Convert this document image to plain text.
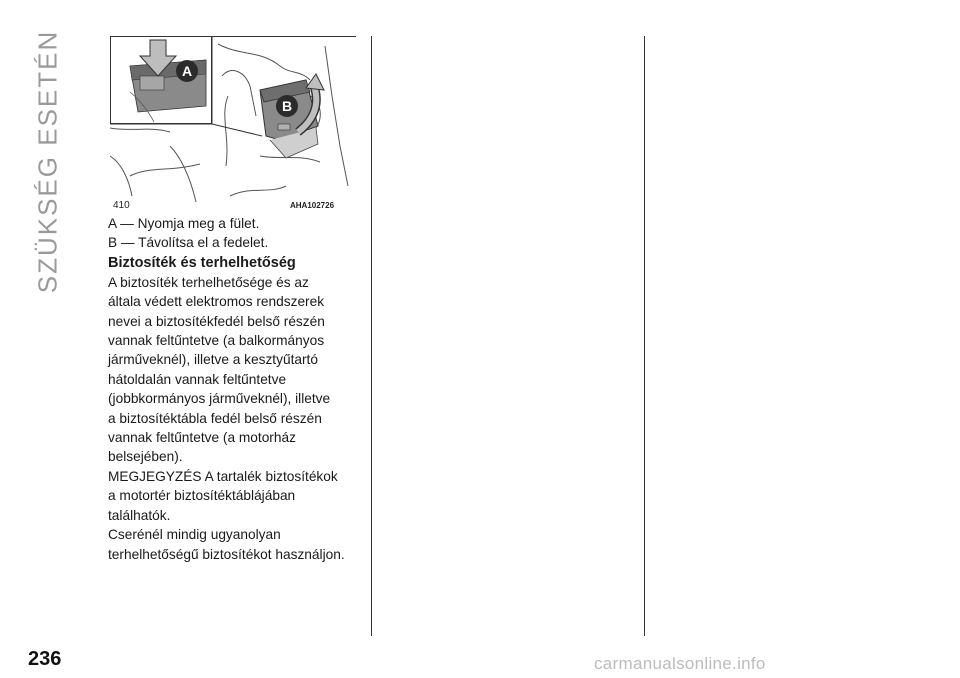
SZÜKSÉG ESETÉN	B
A
410	AHA102726

A — Nyomja meg a fület.

B — Távolítsa el a fedelet.

Biztosíték és terhelhetőség

A biztosíték terhelhetősége és az

általa védett elektromos rendszerek

nevei a biztosítékfedél belső részén

vannak feltűntetve (a balkormányos

járműveknél), illetve a kesztyűtartó

hátoldalán vannak feltűntetve

(jobbkormányos járműveknél), illetve

a biztosítéktábla fedél belső részén

vannak feltűntetve (a motorház

belsejében).

MEGJEGYZÉS A tartalék biztosítékok

a motortér biztosítéktáblájában

találhatók.

Cserénél mindig ugyanolyan

terhelhetőségű biztosítékot használjon.

236	carmanualsonline.info
